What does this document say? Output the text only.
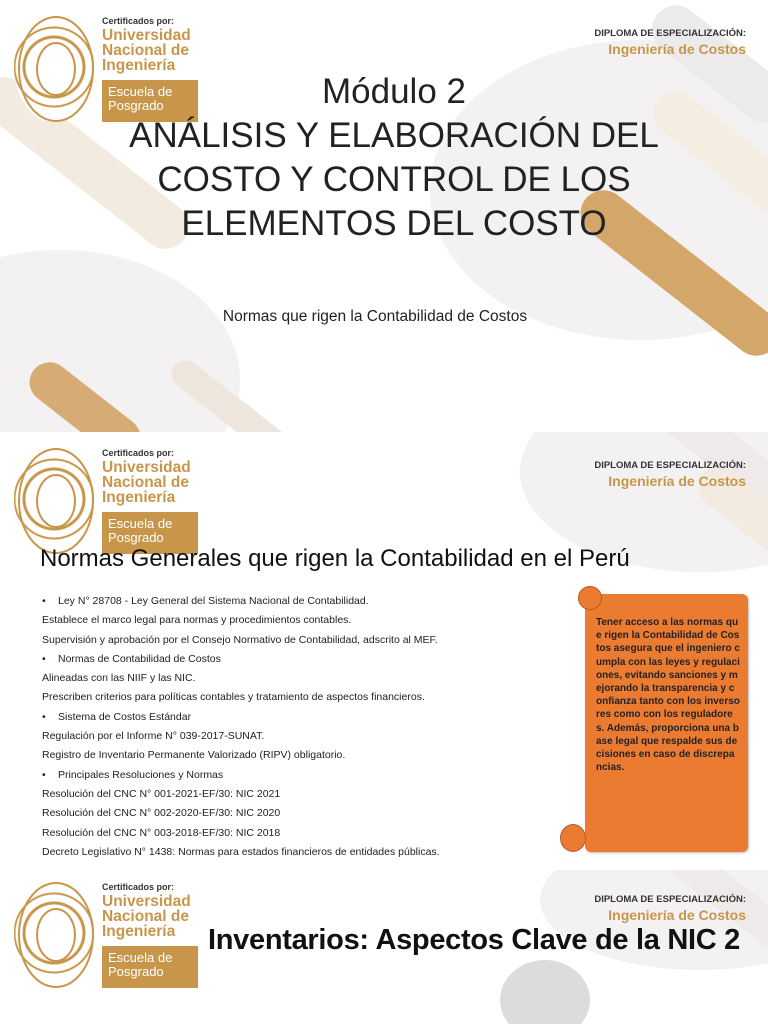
Certificados por:
Universidad
Nacional de
Ingeniería
Escuela de
Posgrado
DIPLOMA DE ESPECIALIZACIÓN:
Ingeniería de Costos
Módulo 2
ANÁLISIS Y ELABORACIÓN DEL
COSTO Y CONTROL DE LOS
ELEMENTOS DEL COSTO
Normas que rigen la Contabilidad de Costos
Certificados por:
Universidad
Nacional de
Ingeniería
Escuela de
Posgrado
DIPLOMA DE ESPECIALIZACIÓN:
Ingeniería de Costos
Normas Generales que rigen la Contabilidad en el Perú
• Ley N° 28708 - Ley General del Sistema Nacional de Contabilidad.
Establece el marco legal para normas y procedimientos contables.
Supervisión y aprobación por el Consejo Normativo de Contabilidad, adscrito al MEF.
• Normas de Contabilidad de Costos
Alineadas con las NIIF y las NIC.
Prescriben criterios para políticas contables y tratamiento de aspectos financieros.
• Sistema de Costos Estándar
Regulación por el Informe N° 039-2017-SUNAT.
Registro de Inventario Permanente Valorizado (RIPV) obligatorio.
• Principales Resoluciones y Normas
Resolución del CNC N° 001-2021-EF/30: NIC 2021
Resolución del CNC N° 002-2020-EF/30: NIC 2020
Resolución del CNC N° 003-2018-EF/30: NIC 2018
Decreto Legislativo N° 1438: Normas para estados financieros de entidades públicas.
Tener acceso a las normas que rigen la Contabilidad de Costos asegura que el ingeniero cumpla con las leyes y regulaciones, evitando sanciones y mejorando la transparencia y confianza tanto con los inversores como con los reguladores. Además, proporciona una base legal que respalde sus decisiones en caso de discrepancias.
Certificados por:
Universidad
Nacional de
Ingeniería
Escuela de
Posgrado
DIPLOMA DE ESPECIALIZACIÓN:
Ingeniería de Costos
Inventarios: Aspectos Clave de la NIC 2
